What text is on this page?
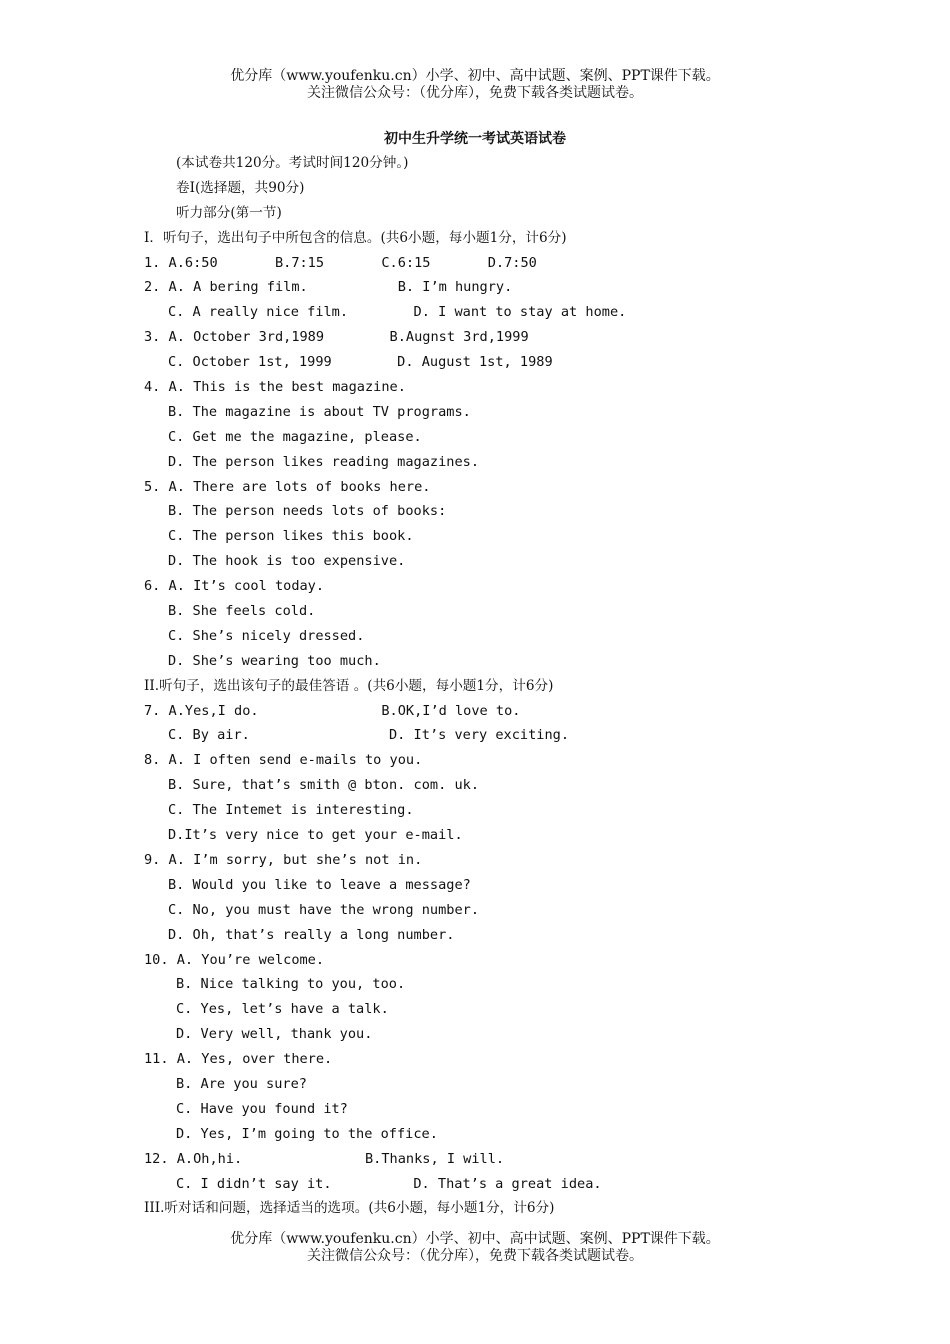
优分库（www.youfenku.cn）小学、初中、高中试题、案例、PPT课件下载。
关注微信公众号：（优分库），免费下载各类试题试卷。
初中生升学统一考试英语试卷
(本试卷共120分。考试时间120分钟。)
卷Ⅰ(选择题，共90分)
听力部分(第一节)
I．听句子，选出句子中所包含的信息。(共6小题，每小题1分，计6分)
1. A.6:50       B.7:15       C.6:15       D.7:50
2. A. A bering film.           B. I’m hungry.
C. A really nice film.        D. I want to stay at home.
3. A. October 3rd,1989        B.Augnst 3rd,1999
C. October 1st, 1999        D. August 1st, 1989
4. A. This is the best magazine.
B. The magazine is about TV programs.
C. Get me the magazine, please.
D. The person likes reading magazines.
5. A. There are lots of books here.
B. The person needs lots of books:
C. The person likes this book.
D. The hook is too expensive.
6. A. It’s cool today.
B. She feels cold.
C. She’s nicely dressed.
D. She’s wearing too much.
II.听句子，选出该句子的最佳答语 。(共6小题，每小题1分，计6分)
7. A.Yes,I do.               B.OK,I’d love to.
C. By air.                 D. It’s very exciting.
8. A. I often send e-mails to you.
B. Sure, that’s smith @ bton. com. uk.
C. The Intemet is interesting.
D.It’s very nice to get your e-mail.
9. A. I’m sorry, but she’s not in.
B. Would you like to leave a message?
C. No, you must have the wrong number.
D. Oh, that’s really a long number.
10. A. You’re welcome.
B. Nice talking to you, too.
C. Yes, let’s have a talk.
D. Very well, thank you.
11. A. Yes, over there.
B. Are you sure?
C. Have you found it?
D. Yes, I’m going to the office.
12. A.Oh,hi.               B.Thanks, I will.
C. I didn’t say it.          D. That’s a great idea.
III.听对话和问题，选择适当的选项。(共6小题，每小题1分，计6分)
优分库（www.youfenku.cn）小学、初中、高中试题、案例、PPT课件下载。
关注微信公众号：（优分库），免费下载各类试题试卷。
